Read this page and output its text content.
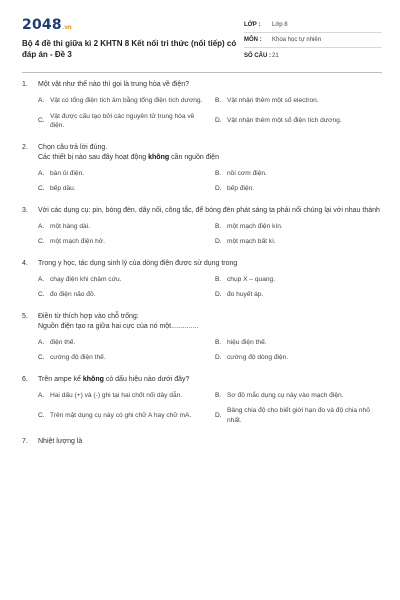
2048 .vn
Bộ 4 đề thi giữa kì 2 KHTN 8 Kết nối tri thức (nối tiếp) có đáp án - Đề 3
LỚP :	Lớp 8
MÔN :	Khoa học tự nhiên
SỐ CÂU : 21
1.	Một vật như thế nào thì gọi là trung hòa về điện?
A. Vật có tổng điện tích âm bằng tổng điện tích dương.	B. Vật nhận thêm một số electron.
C.
Vật được cấu tạo bởi các nguyên tử trung hòa về điện.
D. Vật nhận thêm một số điện tích dương.
2.	Chọn câu trả lời đúng.
Các thiết bị nào sau đây hoạt động không cần nguồn điện
A. bàn ủi điện.	B. nồi cơm điện.
C. bếp dầu.	D. bếp điện.
3.	Với các dụng cụ: pin, bóng đèn, dây nối, công tắc, để bóng đèn phát sáng ta phải nối chúng lại với nhau thành
A. một hàng dài.	B. một mạch điện kín.
C. một mạch điện hở.	D. một mạch bất kì.
4.	Trong y học, tác dụng sinh lý của dòng điện được sử dụng trong
A. chạy điện khi châm cứu.	B. chụp X – quang.
C. đo điện não đồ.	D. đo huyết áp.
5.	Điền từ thích hợp vào chỗ trống:
Nguồn điện tạo ra giữa hai cực của nó một..............
A. điện thế.	B. hiệu điện thế.
C. cường độ điện thế.	D. cường độ dòng điện.
6.	Trên ampe kế không có dấu hiệu nào dưới đây?
A. Hai dấu (+) và (-) ghi tại hai chốt nối dây dẫn.	B. Sơ đồ mắc dụng cụ này vào mạch điện.
C. Trên mặt dụng cụ này có ghi chữ A hay chữ mA.	D.
Bảng chia độ cho biết giới hạn đo và độ chia nhỏ nhất.
7.	Nhiệt lượng là
